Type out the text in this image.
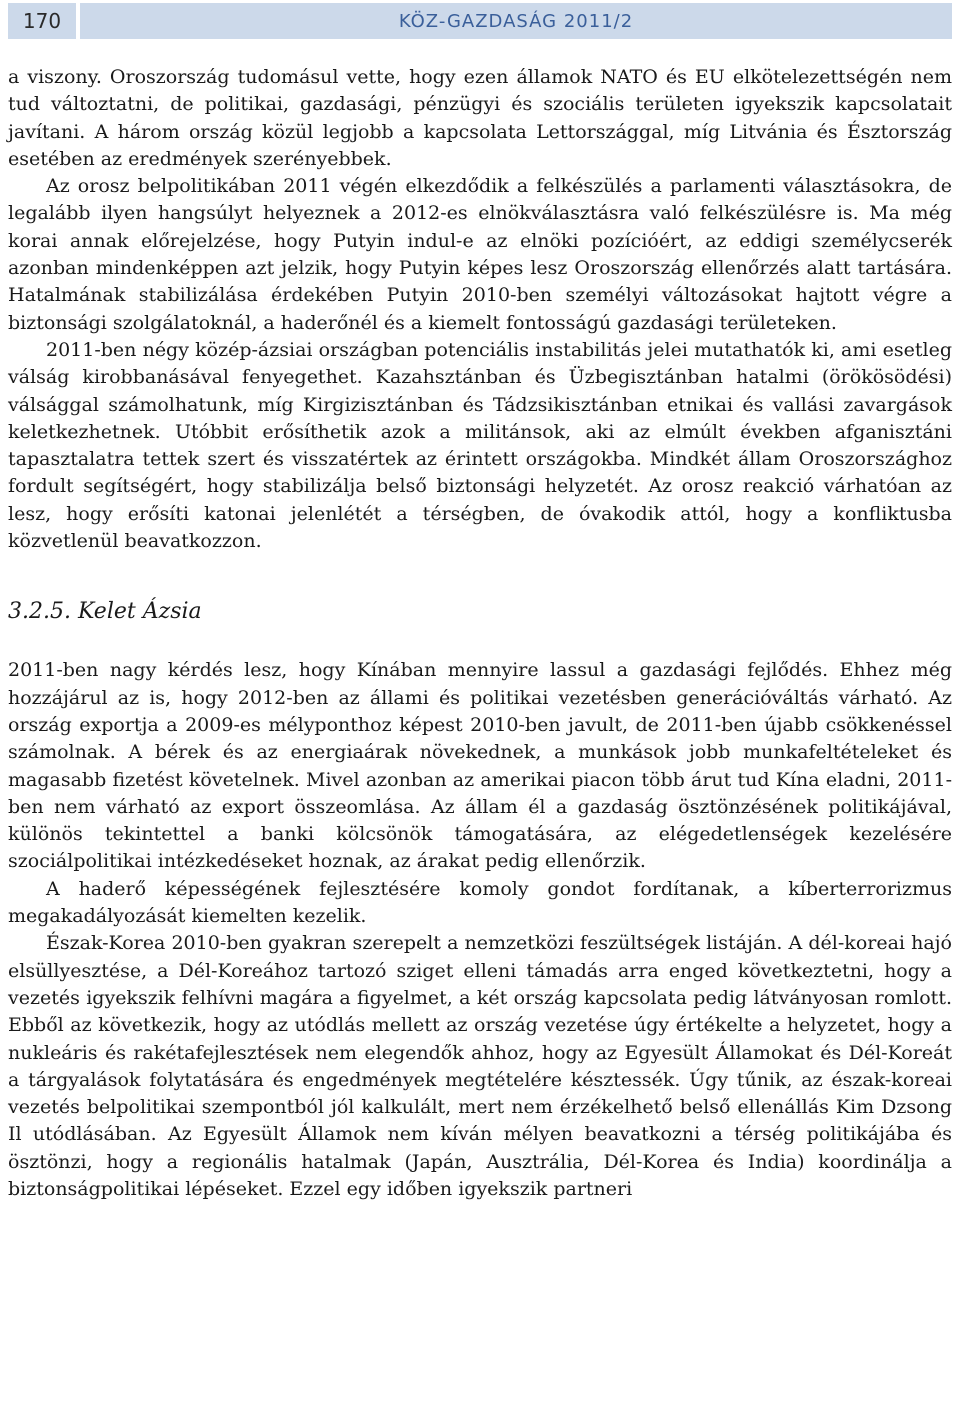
170	KÖZ-GAZDASÁG 2011/2

a viszony. Oroszország tudomásul vette, hogy ezen államok NATO és EU elkötelezettségén nem tud változtatni, de politikai, gazdasági, pénzügyi és szociális területen igyekszik kapcsolatait javítani. A három ország közül legjobb a kapcsolata Lettországgal, míg Litvánia és Észtország esetében az eredmények szerényebbek.

Az orosz belpolitikában 2011 végén elkezdődik a felkészülés a parlamenti választásokra, de legalább ilyen hangsúlyt helyeznek a 2012-es elnökválasztásra való felkészülésre is. Ma még korai annak előrejelzése, hogy Putyin indul-e az elnöki pozícióért, az eddigi személycserék azonban mindenképpen azt jelzik, hogy Putyin képes lesz Oroszország ellenőrzés alatt tartására. Hatalmának stabilizálása érdekében Putyin 2010-ben személyi változásokat hajtott végre a biztonsági szolgálatoknál, a haderőnél és a kiemelt fontosságú gazdasági területeken.

2011-ben négy közép-ázsiai országban potenciális instabilitás jelei mutathatók ki, ami esetleg válság kirobbanásával fenyegethet. Kazahsztánban és Üzbegisztánban hatalmi (örökösödési) válsággal számolhatunk, míg Kirgizisztánban és Tádzsikisztánban etnikai és vallási zavargások keletkezhetnek. Utóbbit erősíthetik azok a militánsok, aki az elmúlt években afganisztáni tapasztalatra tettek szert és visszatértek az érintett országokba. Mindkét állam Oroszországhoz fordult segítségért, hogy stabilizálja belső biztonsági helyzetét. Az orosz reakció várhatóan az lesz, hogy erősíti katonai jelenlétét a térségben, de óvakodik attól, hogy a konfliktusba közvetlenül beavatkozzon.

3.2.5. Kelet Ázsia

2011-ben nagy kérdés lesz, hogy Kínában mennyire lassul a gazdasági fejlődés. Ehhez még hozzájárul az is, hogy 2012-ben az állami és politikai vezetésben generációváltás várható. Az ország exportja a 2009-es mélyponthoz képest 2010-ben javult, de 2011-ben újabb csökkenéssel számolnak. A bérek és az energiaárak növekednek, a munkások jobb munkafeltételeket és magasabb fizetést követelnek. Mivel azonban az amerikai piacon több árut tud Kína eladni, 2011-ben nem várható az export összeomlása. Az állam él a gazdaság ösztönzésének politikájával, különös tekintettel a banki kölcsönök támogatására, az elégedetlenségek kezelésére szociálpolitikai intézkedéseket hoznak, az árakat pedig ellenőrzik.

A haderő képességének fejlesztésére komoly gondot fordítanak, a kíberterrorizmus megakadályozását kiemelten kezelik.

Észak-Korea 2010-ben gyakran szerepelt a nemzetközi feszültségek listáján. A dél-koreai hajó elsüllyesztése, a Dél-Koreához tartozó sziget elleni támadás arra enged következtetni, hogy a vezetés igyekszik felhívni magára a figyelmet, a két ország kapcsolata pedig látványosan romlott. Ebből az következik, hogy az utódlás mellett az ország vezetése úgy értékelte a helyzetet, hogy a nukleáris és rakétafejlesztések nem elegendők ahhoz, hogy az Egyesült Államokat és Dél-Koreát a tárgyalások folytatására és engedmények megtételére késztessék. Úgy tűnik, az észak-koreai vezetés belpolitikai szempontból jól kalkulált, mert nem érzékelhető belső ellenállás Kim Dzsong Il utódlásában. Az Egyesült Államok nem kíván mélyen beavatkozni a térség politikájába és ösztönzi, hogy a regionális hatalmak (Japán, Ausztrália, Dél-Korea és India) koordinálja a biztonságpolitikai lépéseket. Ezzel egy időben igyekszik partneri
